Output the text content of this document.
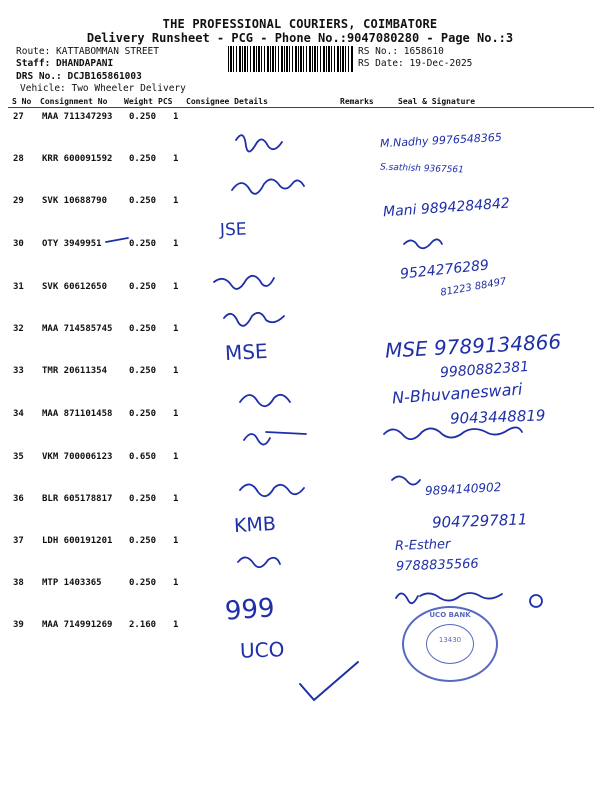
THE PROFESSIONAL COURIERS, COIMBATORE
Delivery Runsheet - PCG - Phone No.:9047080280 - Page No.:3
Route: KATTABOMMAN STREET
Staff: DHANDAPANI
DRS No.: DCJB165861003
Vehicle: Two Wheeler Delivery
RS No.: 1658610
RS Date: 19-Dec-2025
S No Consignment No Weight PCS Consignee Details	Remarks	Seal & Signature
27 MAA 711347293 0.250 1
28 KRR 600091592 0.250 1
29 SVK 10688790 0.250 1
30 OTY 3949951	0.250 1
31 SVK 60612650 0.250 1
32 MAA 714585745 0.250 1
33 TMR 20611354 0.250 1
34 MAA 871101458 0.250 1
35 VKM 700006123 0.650 1
36 BLR 605178817 0.250 1
37 LDH 600191201 0.250 1
38 MTP 1403365	0.250 1
39 MAA 714991269 2.160 1
M.Nadhy 9976548365
S.sathish 9367561
Mani 9894284842
JSE
9524276289
81223 88497
MSE	MSE 9789134866
9980882381
N-Bhuvaneswari
9043448819
9894140902
KMB	9047297811
R-Esther
9788835566
999
UCO
UCO BANK
13430
